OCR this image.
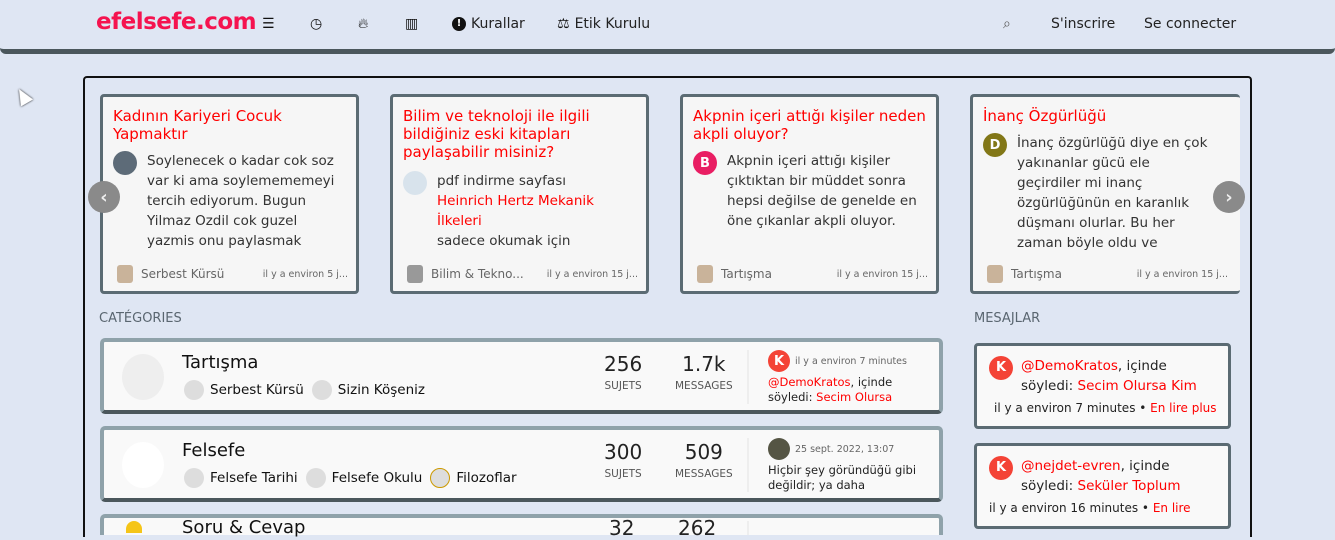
efelsefe.com ☰	◷	🔥︎	▥	! Kurallar ⚖ Etik Kurulu	⌕	S'inscrire Se connecter
Kadının Kariyeri Cocuk Yapmaktır
Soylenecek o kadar cok soz var ki ama soylemememeyi tercih ediyorum. Bugun Yilmaz Ozdil cok guzel yazmis onu paylasmak
Serbest Kürsü	il y a environ 5 j...
Bilim ve teknoloji ile ilgili bildiğiniz eski kitapları paylaşabilir misiniz?
pdf indirme sayfası
Heinrich Hertz Mekanik İlkeleri
sadece okumak için
Bilim & Tekno... il y a environ 15 j...
Akpnin içeri attığı kişiler neden akpli oluyor?
B	Akpnin içeri attığı kişiler çıktıktan bir müddet sonra hepsi değilse de genelde en öne çıkanlar akpli oluyor.
Tartışma	il y a environ 15 j...
İnanç Özgürlüğü
D	İnanç özgürlüğü diye en çok yakınanlar gücü ele geçirdiler mi inanç özgürlüğünün en karanlık düşmanı olurlar. Bu her zaman böyle oldu ve
Tartışma	il y a environ 15 j...
‹	›
CATÉGORIES
Tartışma
Serbest Kürsü	Sizin Köşeniz
256
SUJETS
1.7k
MESSAGES
K	il y a environ 7 minutes
@DemoKratos, içinde söyledi: Secim Olursa
Felsefe
Felsefe Tarihi	Felsefe Okulu	Filozoflar
300
SUJETS
509
MESSAGES
25 sept. 2022, 13:07
Hiçbir şey göründüğü gibi değildir; ya daha
Soru & Cevap	32 262
MESAJLAR
K	@DemoKratos, içinde söyledi: Secim Olursa Kim
il y a environ 7 minutes • En lire plus
K	@nejdet-evren, içinde söyledi: Seküler Toplum
il y a environ 16 minutes • En lire
